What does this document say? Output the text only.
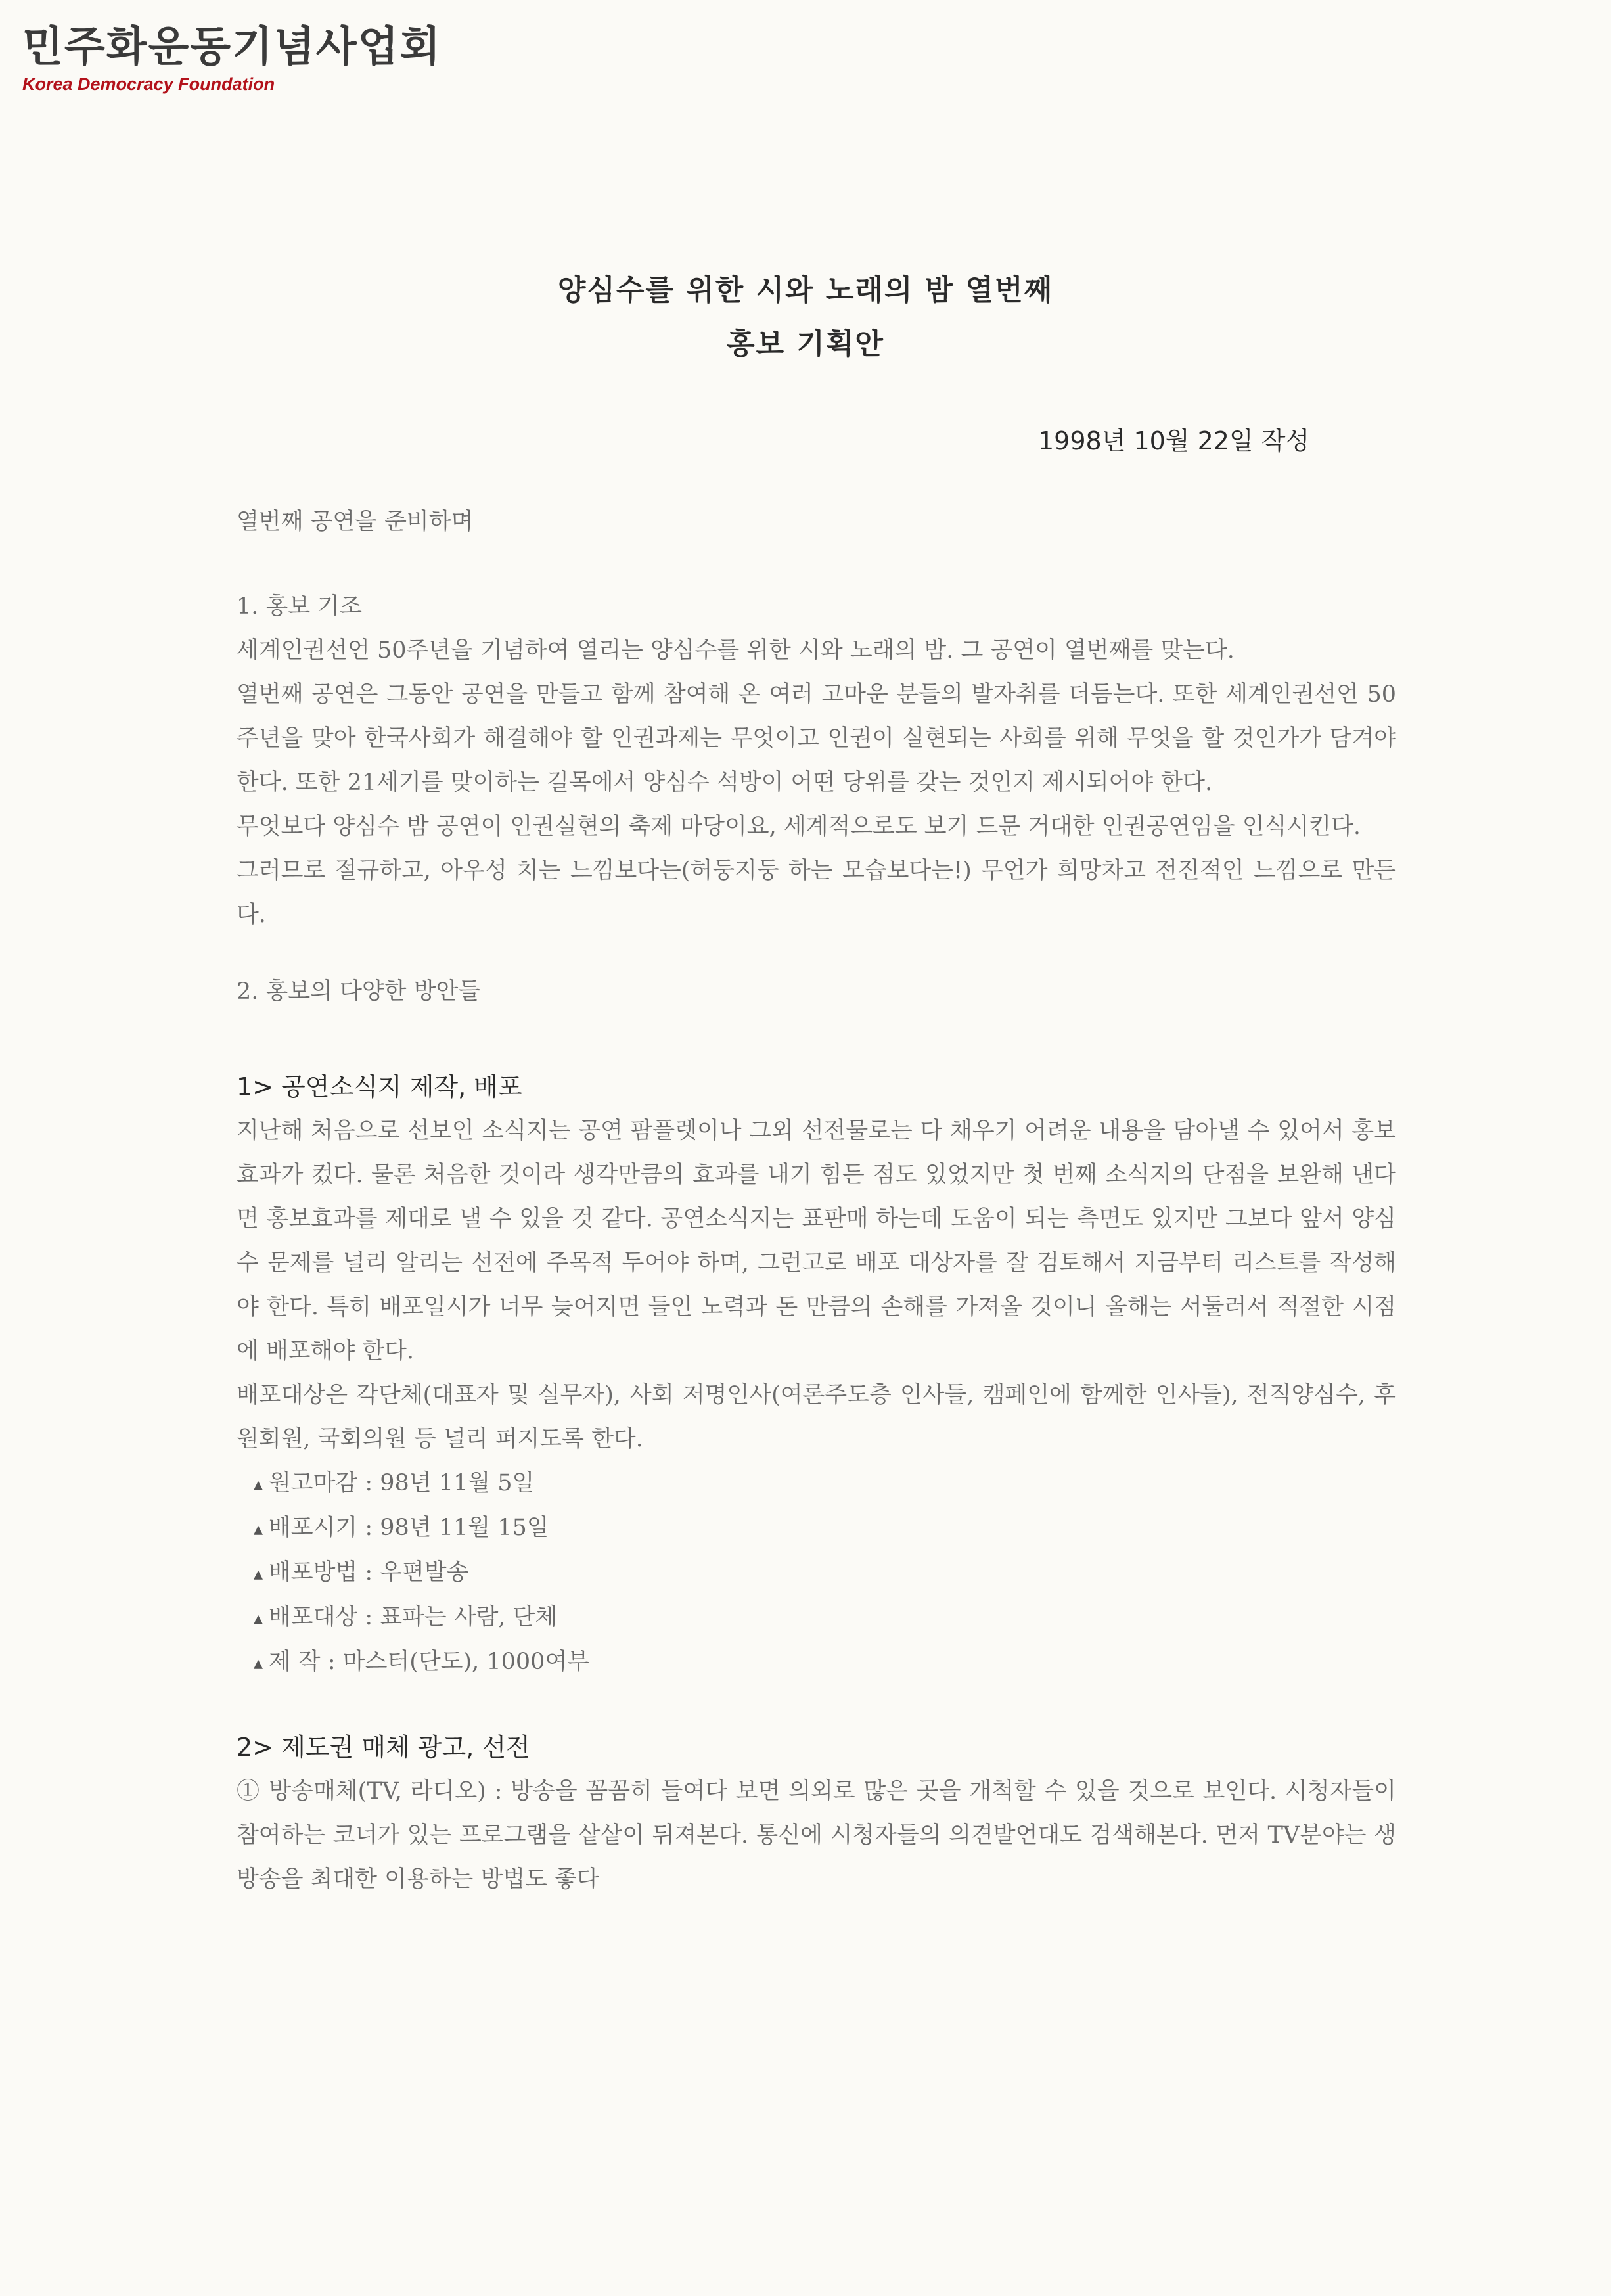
민주화운동기념사업회
Korea Democracy Foundation
양심수를 위한 시와 노래의 밤 열번째
홍보 기획안
1998년 10월 22일 작성

열번째 공연을 준비하며

1. 홍보 기조

세계인권선언 50주년을 기념하여 열리는 양심수를 위한 시와 노래의 밤. 그 공연이 열번째를 맞는다.

열번째 공연은 그동안 공연을 만들고 함께 참여해 온 여러 고마운 분들의 발자취를 더듬는다. 또한 세계인권선언 50주년을 맞아 한국사회가 해결해야 할 인권과제는 무엇이고 인권이 실현되는 사회를 위해 무엇을 할 것인가가 담겨야 한다. 또한 21세기를 맞이하는 길목에서 양심수 석방이 어떤 당위를 갖는 것인지 제시되어야 한다.

무엇보다 양심수 밤 공연이 인권실현의 축제 마당이요, 세계적으로도 보기 드문 거대한 인권공연임을 인식시킨다.

그러므로 절규하고, 아우성 치는 느낌보다는(허둥지둥 하는 모습보다는!) 무언가 희망차고 전진적인 느낌으로 만든다.

2. 홍보의 다양한 방안들

1> 공연소식지 제작, 배포

지난해 처음으로 선보인 소식지는 공연 팜플렛이나 그외 선전물로는 다 채우기 어려운 내용을 담아낼 수 있어서 홍보효과가 컸다. 물론 처음한 것이라 생각만큼의 효과를 내기 힘든 점도 있었지만 첫 번째 소식지의 단점을 보완해 낸다면 홍보효과를 제대로 낼 수 있을 것 같다. 공연소식지는 표판매 하는데 도움이 되는 측면도 있지만 그보다 앞서 양심수 문제를 널리 알리는 선전에 주목적 두어야 하며, 그런고로 배포 대상자를 잘 검토해서 지금부터 리스트를 작성해야 한다. 특히 배포일시가 너무 늦어지면 들인 노력과 돈 만큼의 손해를 가져올 것이니 올해는 서둘러서 적절한 시점에 배포해야 한다.

배포대상은 각단체(대표자 및 실무자), 사회 저명인사(여론주도층 인사들, 캠페인에 함께한 인사들), 전직양심수, 후원회원, 국회의원 등 널리 퍼지도록 한다.

▴ 원고마감 : 98년 11월 5일
▴ 배포시기 : 98년 11월 15일
▴ 배포방법 : 우편발송
▴ 배포대상 : 표파는 사람, 단체
▴ 제 작 : 마스터(단도), 1000여부

2> 제도권 매체 광고, 선전

① 방송매체(TV, 라디오) : 방송을 꼼꼼히 들여다 보면 의외로 많은 곳을 개척할 수 있을 것으로 보인다. 시청자들이 참여하는 코너가 있는 프로그램을 샅샅이 뒤져본다. 통신에 시청자들의 의견발언대도 검색해본다. 먼저 TV분야는 생방송을 최대한 이용하는 방법도 좋다
